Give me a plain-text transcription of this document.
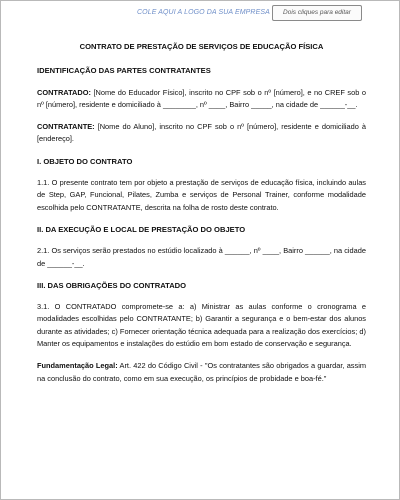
COLE AQUI A LOGO DA SUA EMPRESA	Dois cliques para editar
CONTRATO DE PRESTAÇÃO DE SERVIÇOS DE EDUCAÇÃO FÍSICA
IDENTIFICAÇÃO DAS PARTES CONTRATANTES

CONTRATADO: [Nome do Educador Físico], inscrito no CPF sob o nº [número], e no CREF sob o nº [número], residente e domiciliado à ________, nº ____, Bairro _____, na cidade de ______-__.

CONTRATANTE: [Nome do Aluno], inscrito no CPF sob o nº [número], residente e domiciliado à [endereço].

I. OBJETO DO CONTRATO

1.1. O presente contrato tem por objeto a prestação de serviços de educação física, incluindo aulas de Step, GAP, Funcional, Pilates, Zumba e serviços de Personal Trainer, conforme modalidade escolhida pelo CONTRATANTE, descrita na folha de rosto deste contrato.

II. DA EXECUÇÃO E LOCAL DE PRESTAÇÃO DO OBJETO

2.1. Os serviços serão prestados no estúdio localizado à ______, nº ____, Bairro ______, na cidade de ______-__.

III. DAS OBRIGAÇÕES DO CONTRATADO

3.1. O CONTRATADO compromete-se a: a) Ministrar as aulas conforme o cronograma e modalidades escolhidas pelo CONTRATANTE; b) Garantir a segurança e o bem-estar dos alunos durante as atividades; c) Fornecer orientação técnica adequada para a realização dos exercícios; d) Manter os equipamentos e instalações do estúdio em bom estado de conservação e segurança.

Fundamentação Legal: Art. 422 do Código Civil - "Os contratantes são obrigados a guardar, assim na conclusão do contrato, como em sua execução, os princípios de probidade e boa-fé."
